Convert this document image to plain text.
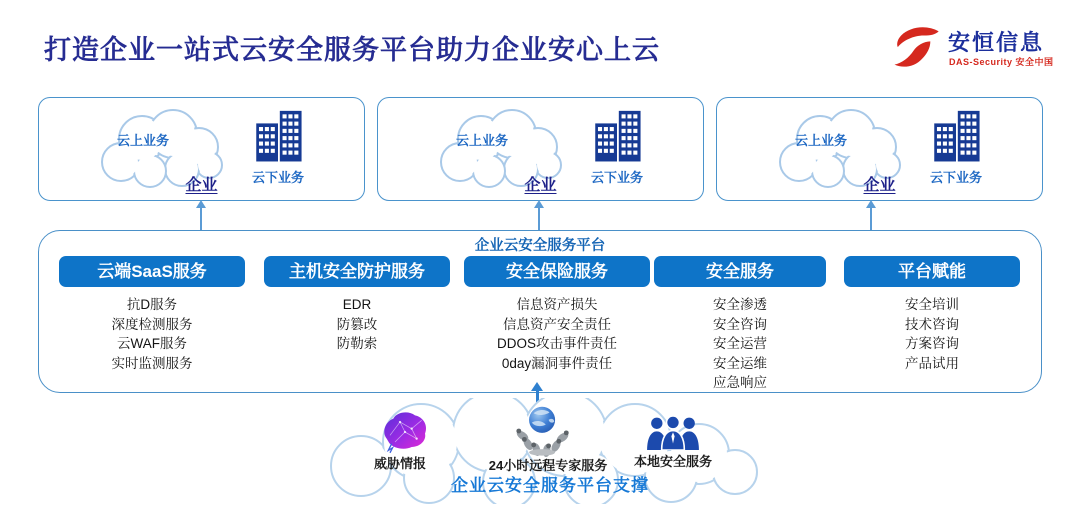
打造企业一站式云安全服务平台助力企业安心上云	安恒信息
DAS-Security 安全中国
云上业务
云下业务
企业
云上业务
云下业务
企业
云上业务
云下业务
企业
企业云安全服务平台
云端SaaS服务
抗D服务
深度检测服务
云WAF服务
实时监测服务
主机安全防护服务
EDR
防篡改
防勒索
安全保险服务
信息资产损失
信息资产安全责任
DDOS攻击事件责任
0day漏洞事件责任
安全服务
安全渗透
安全咨询
安全运营
安全运维
应急响应
平台赋能
安全培训
技术咨询
方案咨询
产品试用
威胁情报	24小时远程专家服务	本地安全服务
企业云安全服务平台支撑
